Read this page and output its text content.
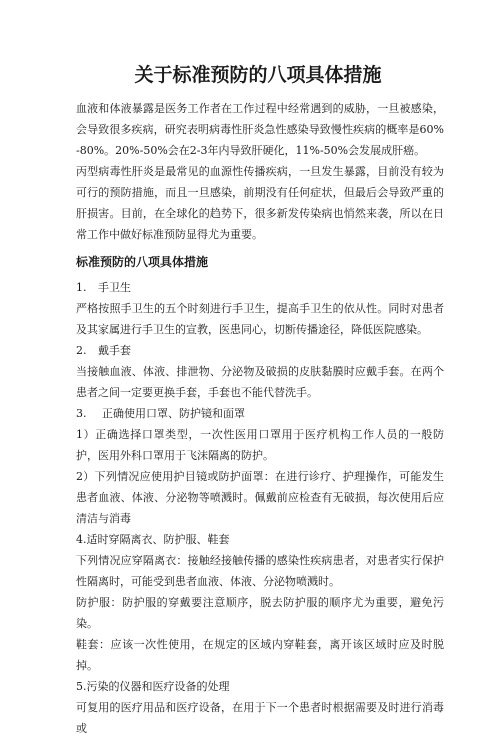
关于标准预防的八项具体措施

血液和体液暴露是医务工作者在工作过程中经常遇到的威胁，一旦被感染，会导致很多疾病，研究表明病毒性肝炎急性感染导致慢性疾病的概率是60%-80%。20%-50%会在2-3年内导致肝硬化，11%-50%会发展成肝癌。

丙型病毒性肝炎是最常见的血源性传播疾病，一旦发生暴露，目前没有较为可行的预防措施，而且一旦感染，前期没有任何症状，但最后会导致严重的肝损害。目前，在全球化的趋势下，很多新发传染病也悄然来袭，所以在日常工作中做好标准预防显得尤为重要。

标准预防的八项具体措施
1. 手卫生

严格按照手卫生的五个时刻进行手卫生，提高手卫生的依从性。同时对患者及其家属进行手卫生的宣教，医患同心，切断传播途径，降低医院感染。

2. 戴手套

当接触血液、体液、排泄物、分泌物及破损的皮肤黏膜时应戴手套。在两个患者之间一定要更换手套，手套也不能代替洗手。

3. 正确使用口罩、防护镜和面罩

1）正确选择口罩类型，一次性医用口罩用于医疗机构工作人员的一般防护，医用外科口罩用于飞沫隔离的防护。

2）下列情况应使用护目镜或防护面罩：在进行诊疗、护理操作，可能发生患者血液、体液、分泌物等喷溅时。佩戴前应检查有无破损，每次使用后应清洁与消毒

4.适时穿隔离衣、防护服、鞋套

下列情况应穿隔离衣：接触经接触传播的感染性疾病患者，对患者实行保护性隔离时，可能受到患者血液、体液、分泌物喷溅时。

防护服：防护服的穿戴要注意顺序，脱去防护服的顺序尤为重要，避免污染。

鞋套：应该一次性使用，在规定的区域内穿鞋套，离开该区域时应及时脱掉。

5.污染的仪器和医疗设备的处理

可复用的医疗用品和医疗设备，在用于下一个患者时根据需要及时进行消毒或
